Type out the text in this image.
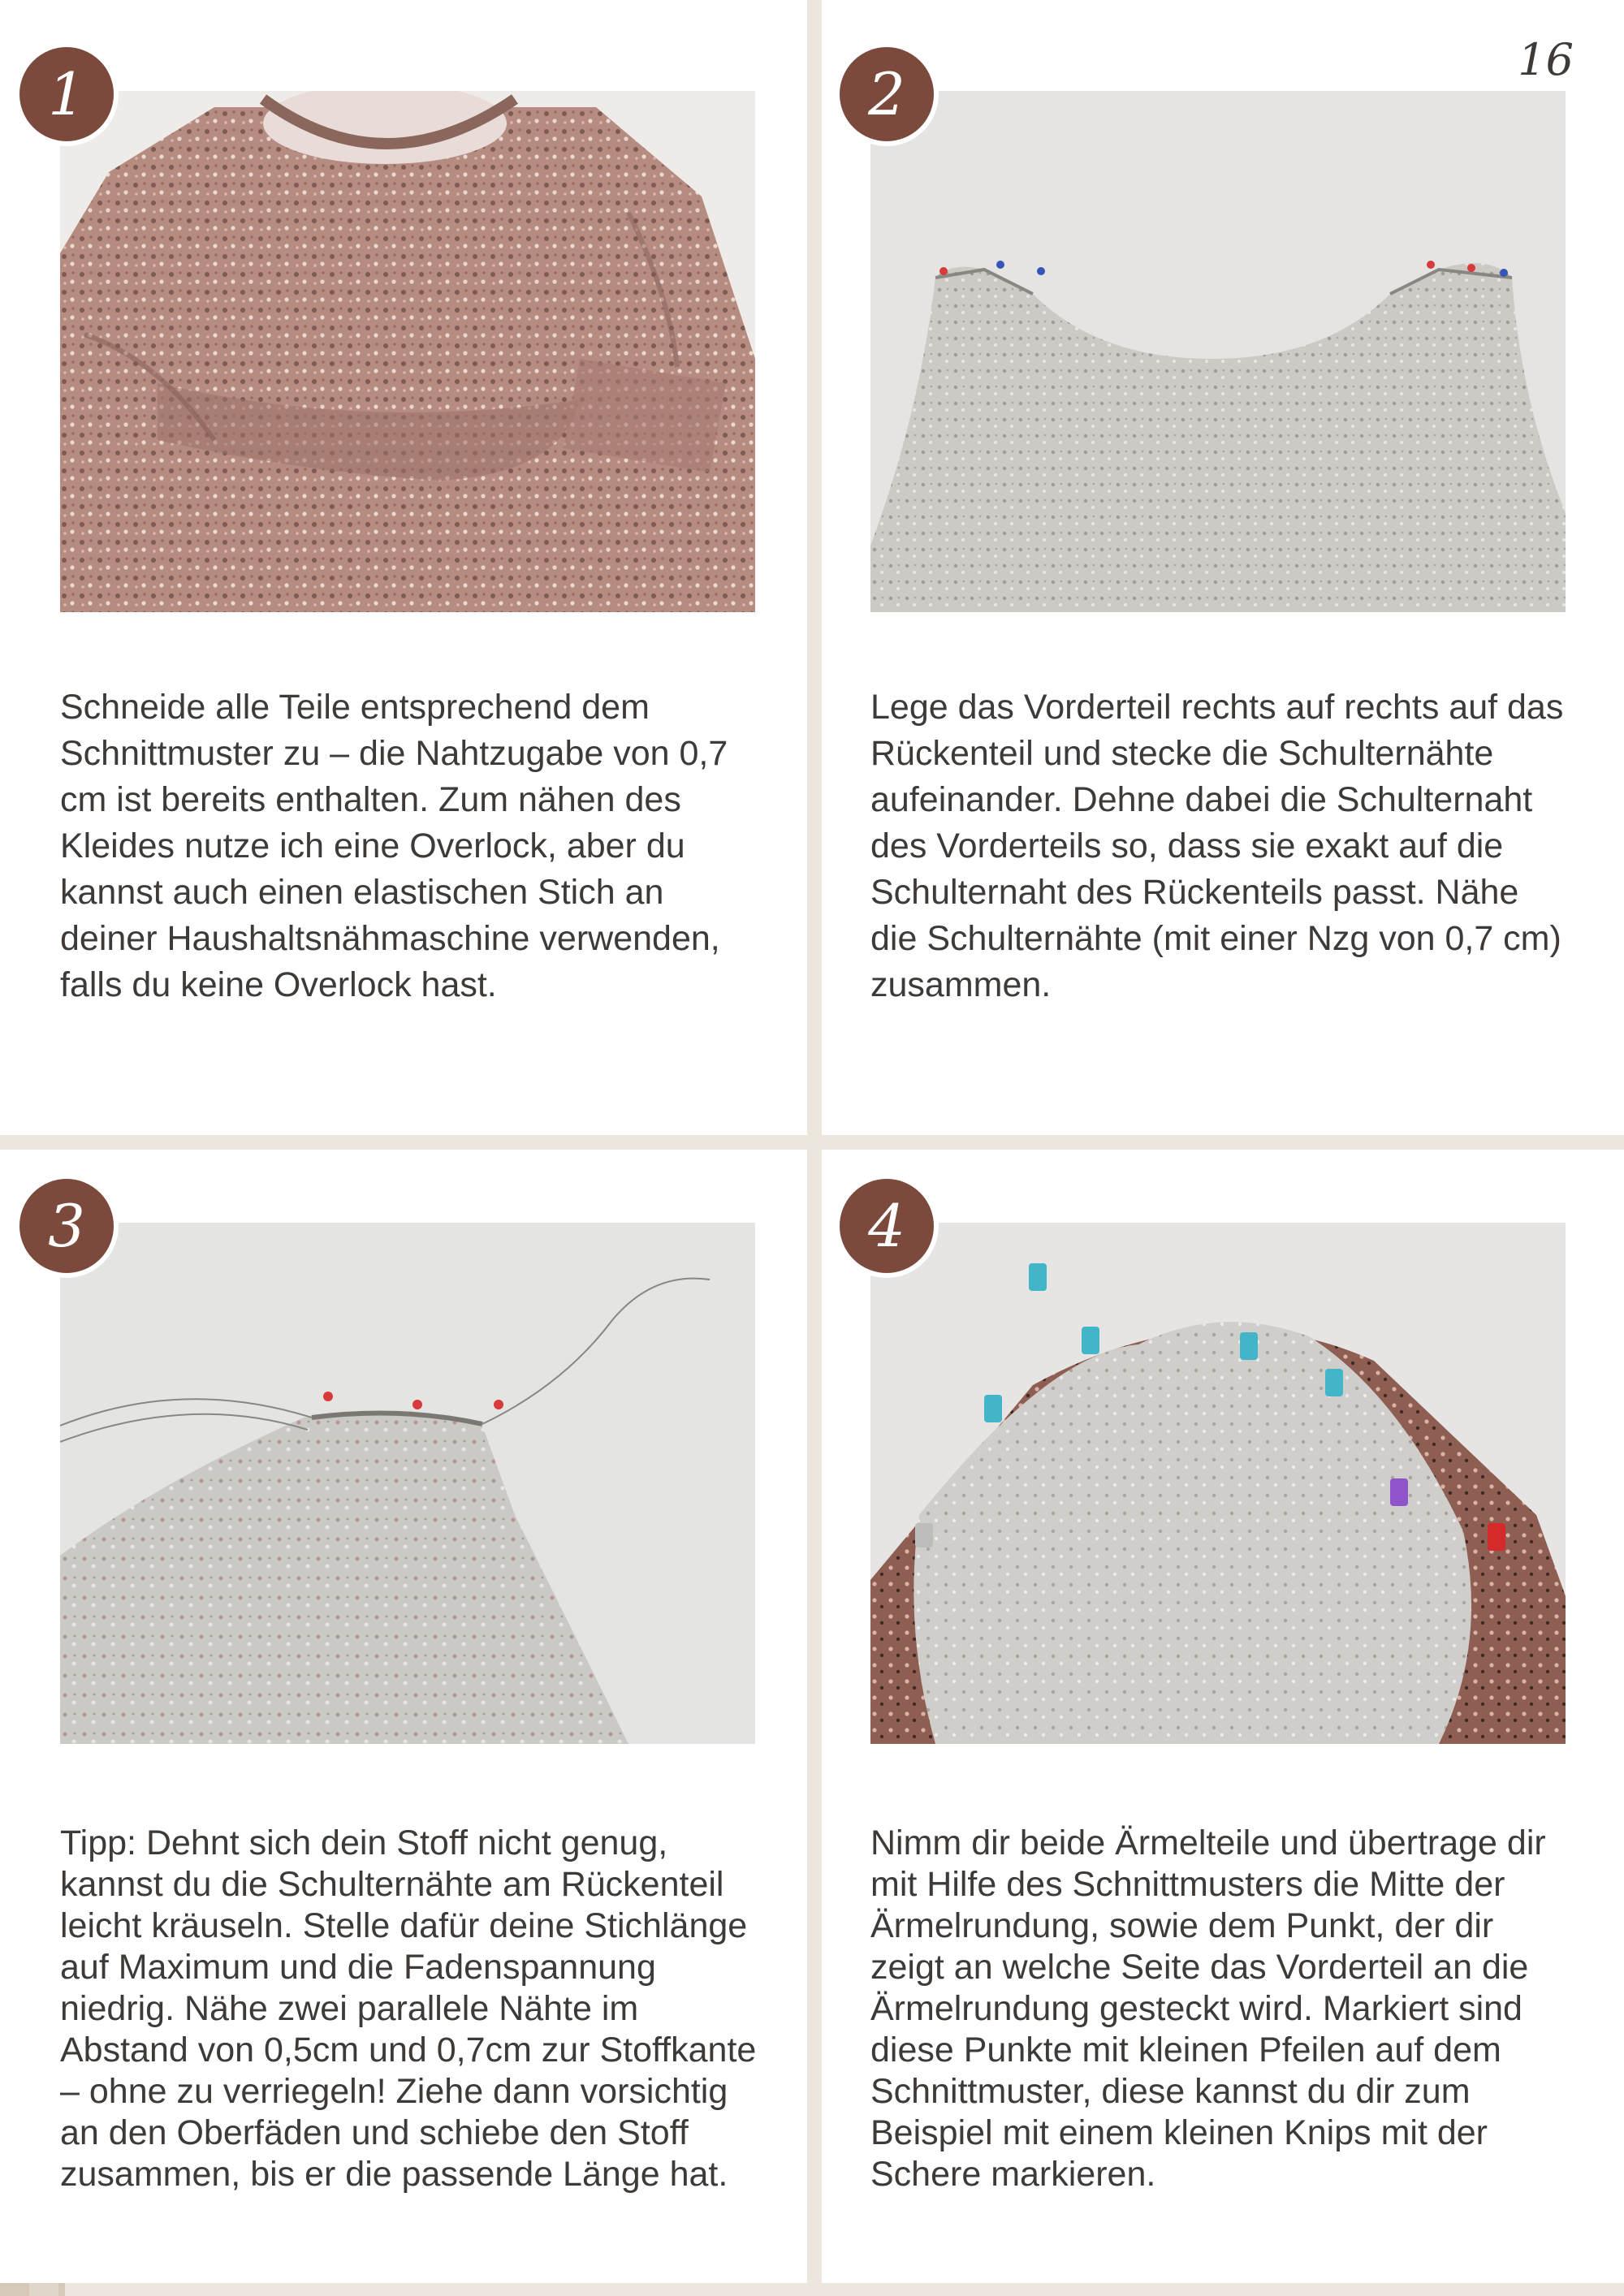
16
1

Schneide alle Teile entsprechend dem Schnittmuster zu – die Nahtzugabe von 0,7 cm ist bereits enthalten. Zum nähen des Kleides nutze ich eine Overlock, aber du kannst auch einen elastischen Stich an deiner Haushaltsnähmaschine verwenden, falls du keine Overlock hast.

2

Lege das Vorderteil rechts auf rechts auf das Rückenteil und stecke die Schulternähte aufeinander. Dehne dabei die Schulternaht des Vorderteils so, dass sie exakt auf die Schulternaht des Rückenteils passt. Nähe die Schulternähte (mit einer Nzg von 0,7 cm) zusammen.

3

Tipp: Dehnt sich dein Stoff nicht genug, kannst du die Schulternähte am Rückenteil leicht kräuseln. Stelle dafür deine Stichlänge auf Maximum und die Fadenspannung niedrig. Nähe zwei parallele Nähte im Abstand von 0,5cm und 0,7cm zur Stoffkante – ohne zu verriegeln! Ziehe dann vorsichtig an den Oberfäden und schiebe den Stoff zusammen, bis er die passende Länge hat.

4

Nimm dir beide Ärmelteile und übertrage dir mit Hilfe des Schnittmusters die Mitte der Ärmelrundung, sowie dem Punkt, der dir zeigt an welche Seite das Vorderteil an die Ärmelrundung gesteckt wird. Markiert sind diese Punkte mit kleinen Pfeilen auf dem Schnittmuster, diese kannst du dir zum Beispiel mit einem kleinen Knips mit der Schere markieren.
